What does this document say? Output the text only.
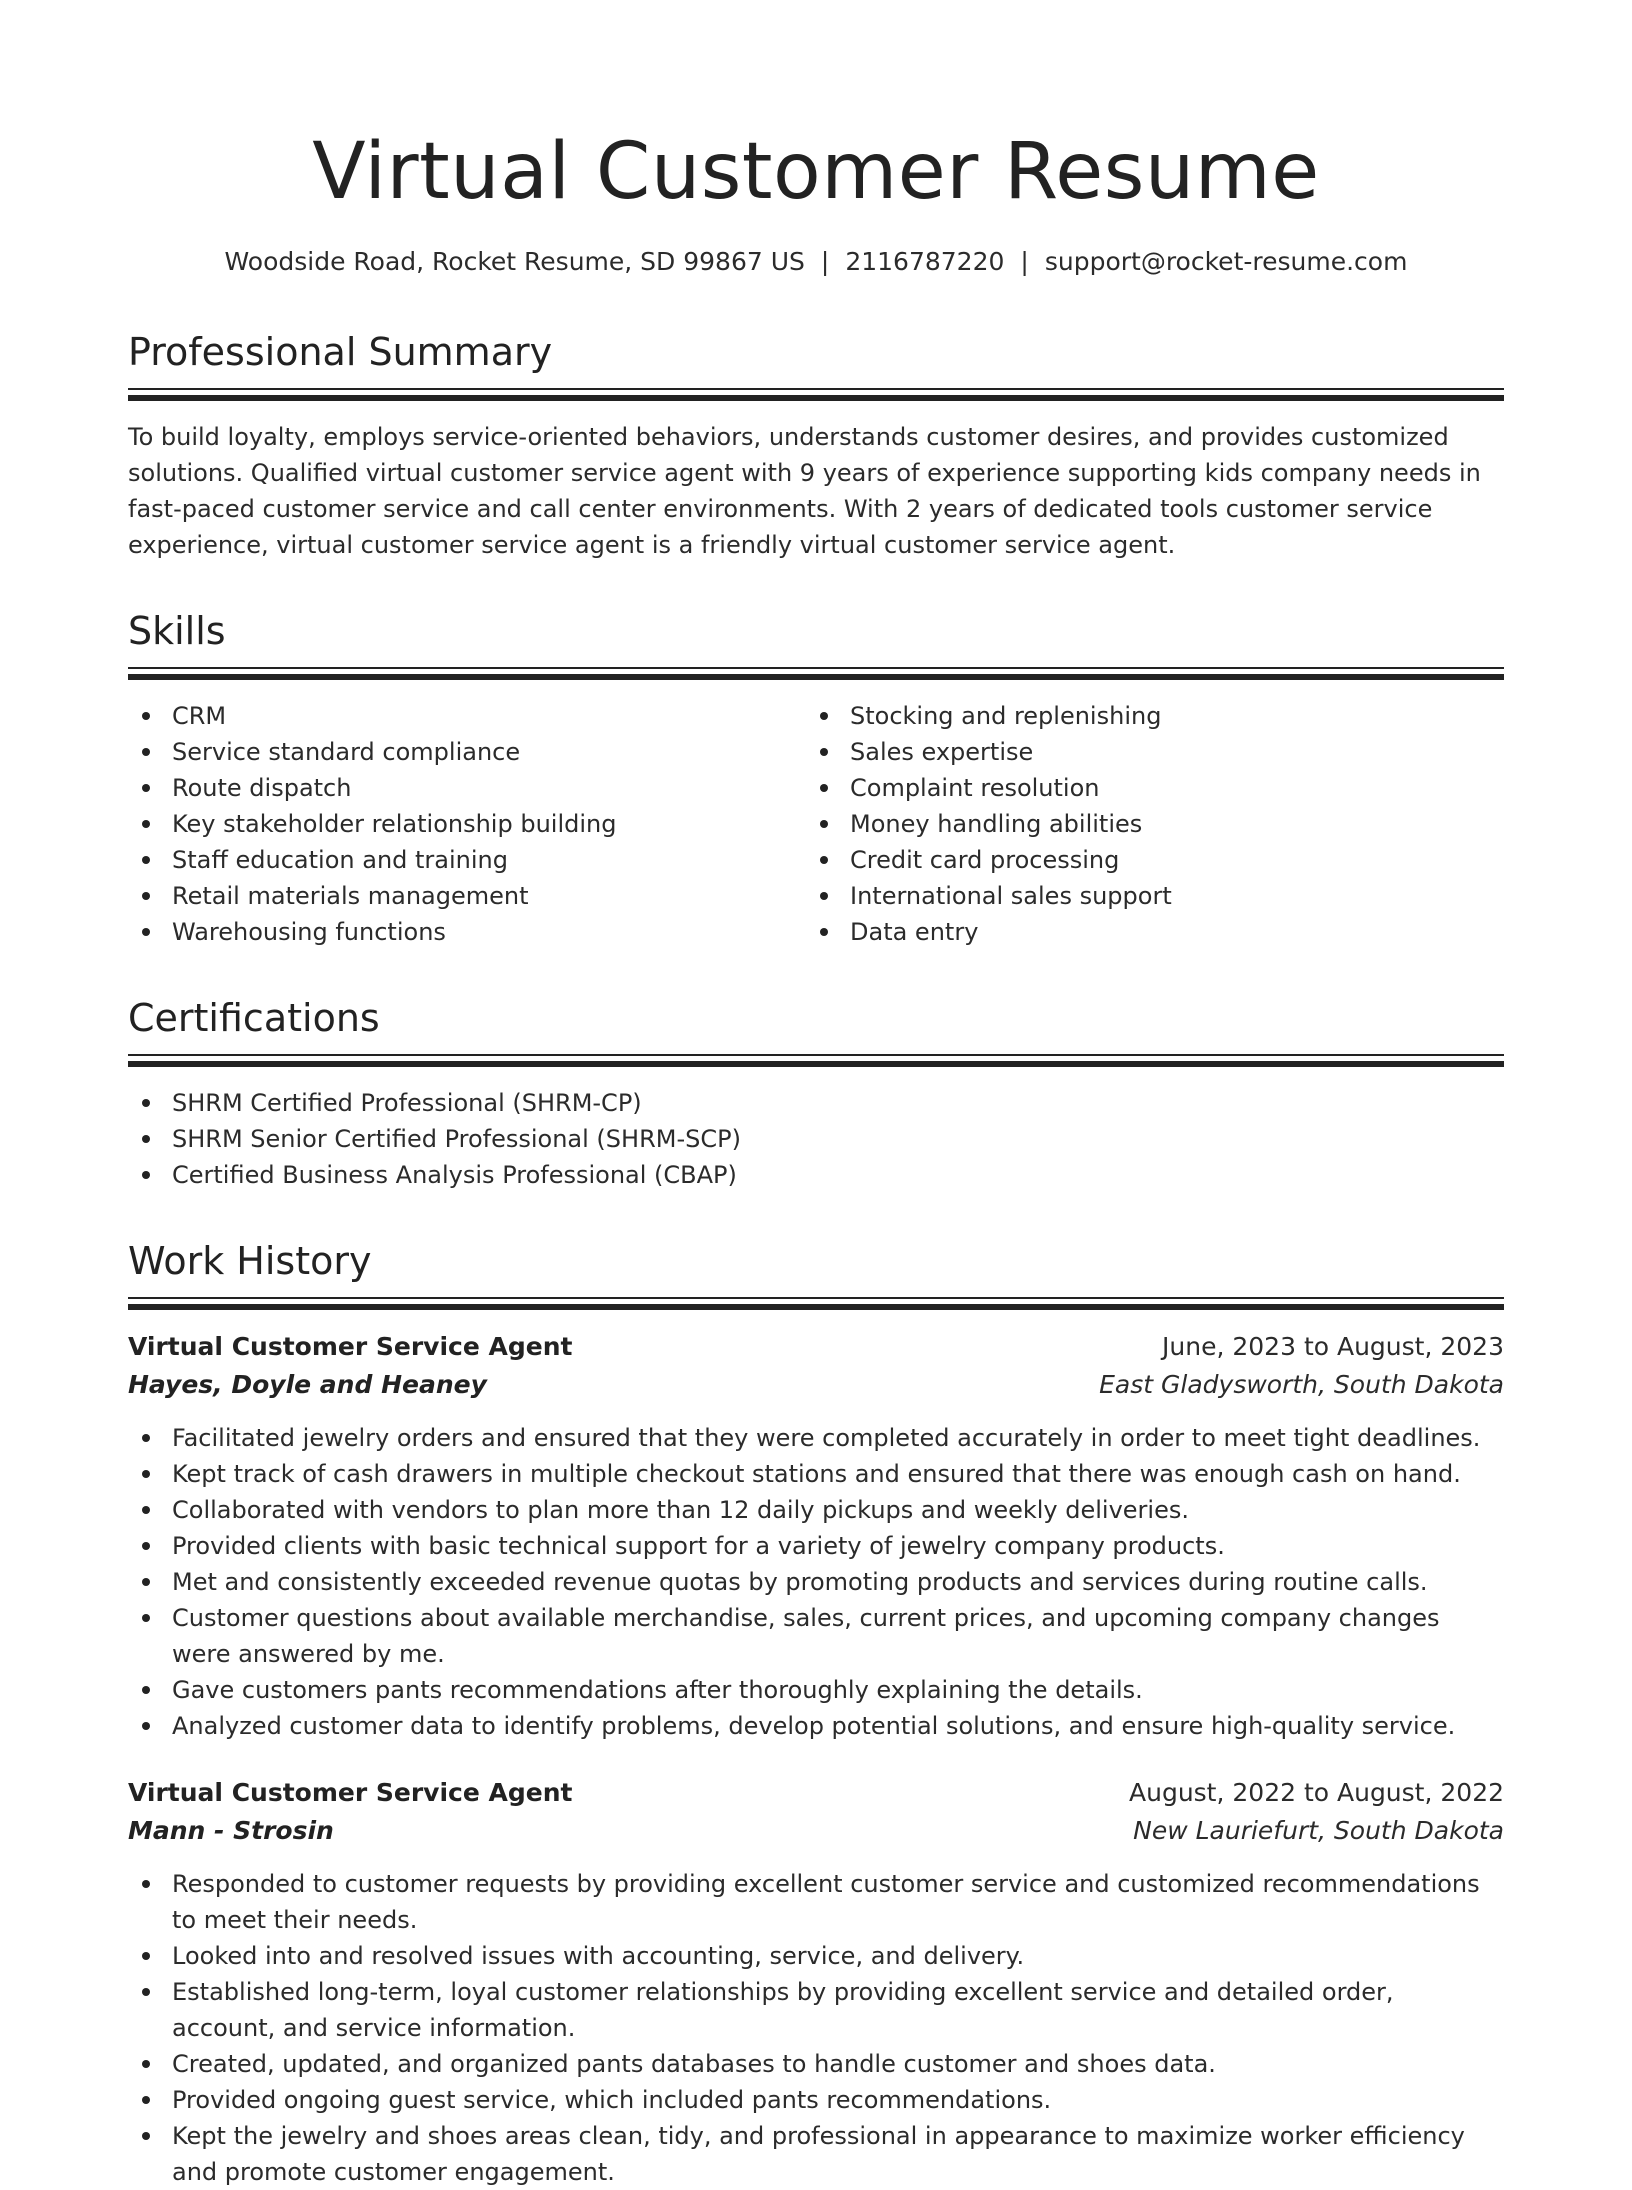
Virtual Customer Resume
Woodside Road, Rocket Resume, SD 99867 US | 2116787220 | support@rocket-resume.com
Professional Summary

To build loyalty, employs service-oriented behaviors, understands customer desires, and provides customized solutions. Qualified virtual customer service agent with 9 years of experience supporting kids company needs in fast-paced customer service and call center environments. With 2 years of dedicated tools customer service experience, virtual customer service agent is a friendly virtual customer service agent.

Skills
CRM
Service standard compliance
Route dispatch
Key stakeholder relationship building
Staff education and training
Retail materials management
Warehousing functions
Stocking and replenishing
Sales expertise
Complaint resolution
Money handling abilities
Credit card processing
International sales support
Data entry
Certifications
SHRM Certified Professional (SHRM-CP)
SHRM Senior Certified Professional (SHRM-SCP)
Certified Business Analysis Professional (CBAP)
Work History
Virtual Customer Service Agent	June, 2023 to August, 2023
Hayes, Doyle and Heaney	East Gladysworth, South Dakota
Facilitated jewelry orders and ensured that they were completed accurately in order to meet tight deadlines.
Kept track of cash drawers in multiple checkout stations and ensured that there was enough cash on hand.
Collaborated with vendors to plan more than 12 daily pickups and weekly deliveries.
Provided clients with basic technical support for a variety of jewelry company products.
Met and consistently exceeded revenue quotas by promoting products and services during routine calls.
Customer questions about available merchandise, sales, current prices, and upcoming company changes were answered by me.
Gave customers pants recommendations after thoroughly explaining the details.
Analyzed customer data to identify problems, develop potential solutions, and ensure high-quality service.
Virtual Customer Service Agent	August, 2022 to August, 2022
Mann - Strosin	New Lauriefurt, South Dakota
Responded to customer requests by providing excellent customer service and customized recommendations to meet their needs.
Looked into and resolved issues with accounting, service, and delivery.
Established long-term, loyal customer relationships by providing excellent service and detailed order, account, and service information.
Created, updated, and organized pants databases to handle customer and shoes data.
Provided ongoing guest service, which included pants recommendations.
Kept the jewelry and shoes areas clean, tidy, and professional in appearance to maximize worker efficiency and promote customer engagement.
